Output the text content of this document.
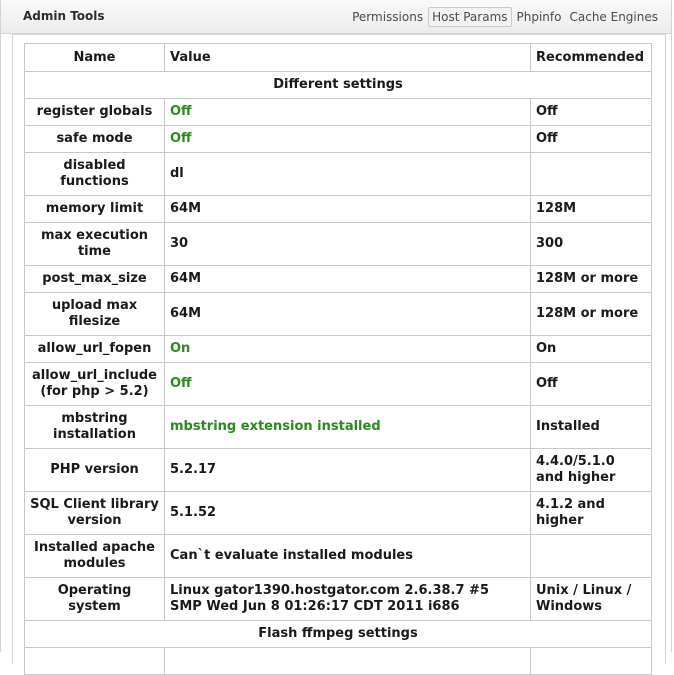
Admin Tools	Permissions Host Params Phpinfo Cache Engines
Name	Value	Recommended
Different settings		
register globals	Off	Off
safe mode	Off	Off
disabled functions	dl	
memory limit	64M	128M
max execution time	30	300
post_max_size	64M	128M or more
upload max filesize	64M	128M or more
allow_url_fopen	On	On
allow_url_include (for php > 5.2)	Off	Off
mbstring installation	mbstring extension installed	Installed
PHP version	5.2.17	4.4.0/5.1.0 and higher
SQL Client library version	5.1.52	4.1.2 and higher
Installed apache modules	Can`t evaluate installed modules	
Operating system	Linux gator1390.hostgator.com 2.6.38.7 #5 SMP Wed Jun 8 01:26:17 CDT 2011 i686	Unix / Linux / Windows
Flash ffmpeg settings		
